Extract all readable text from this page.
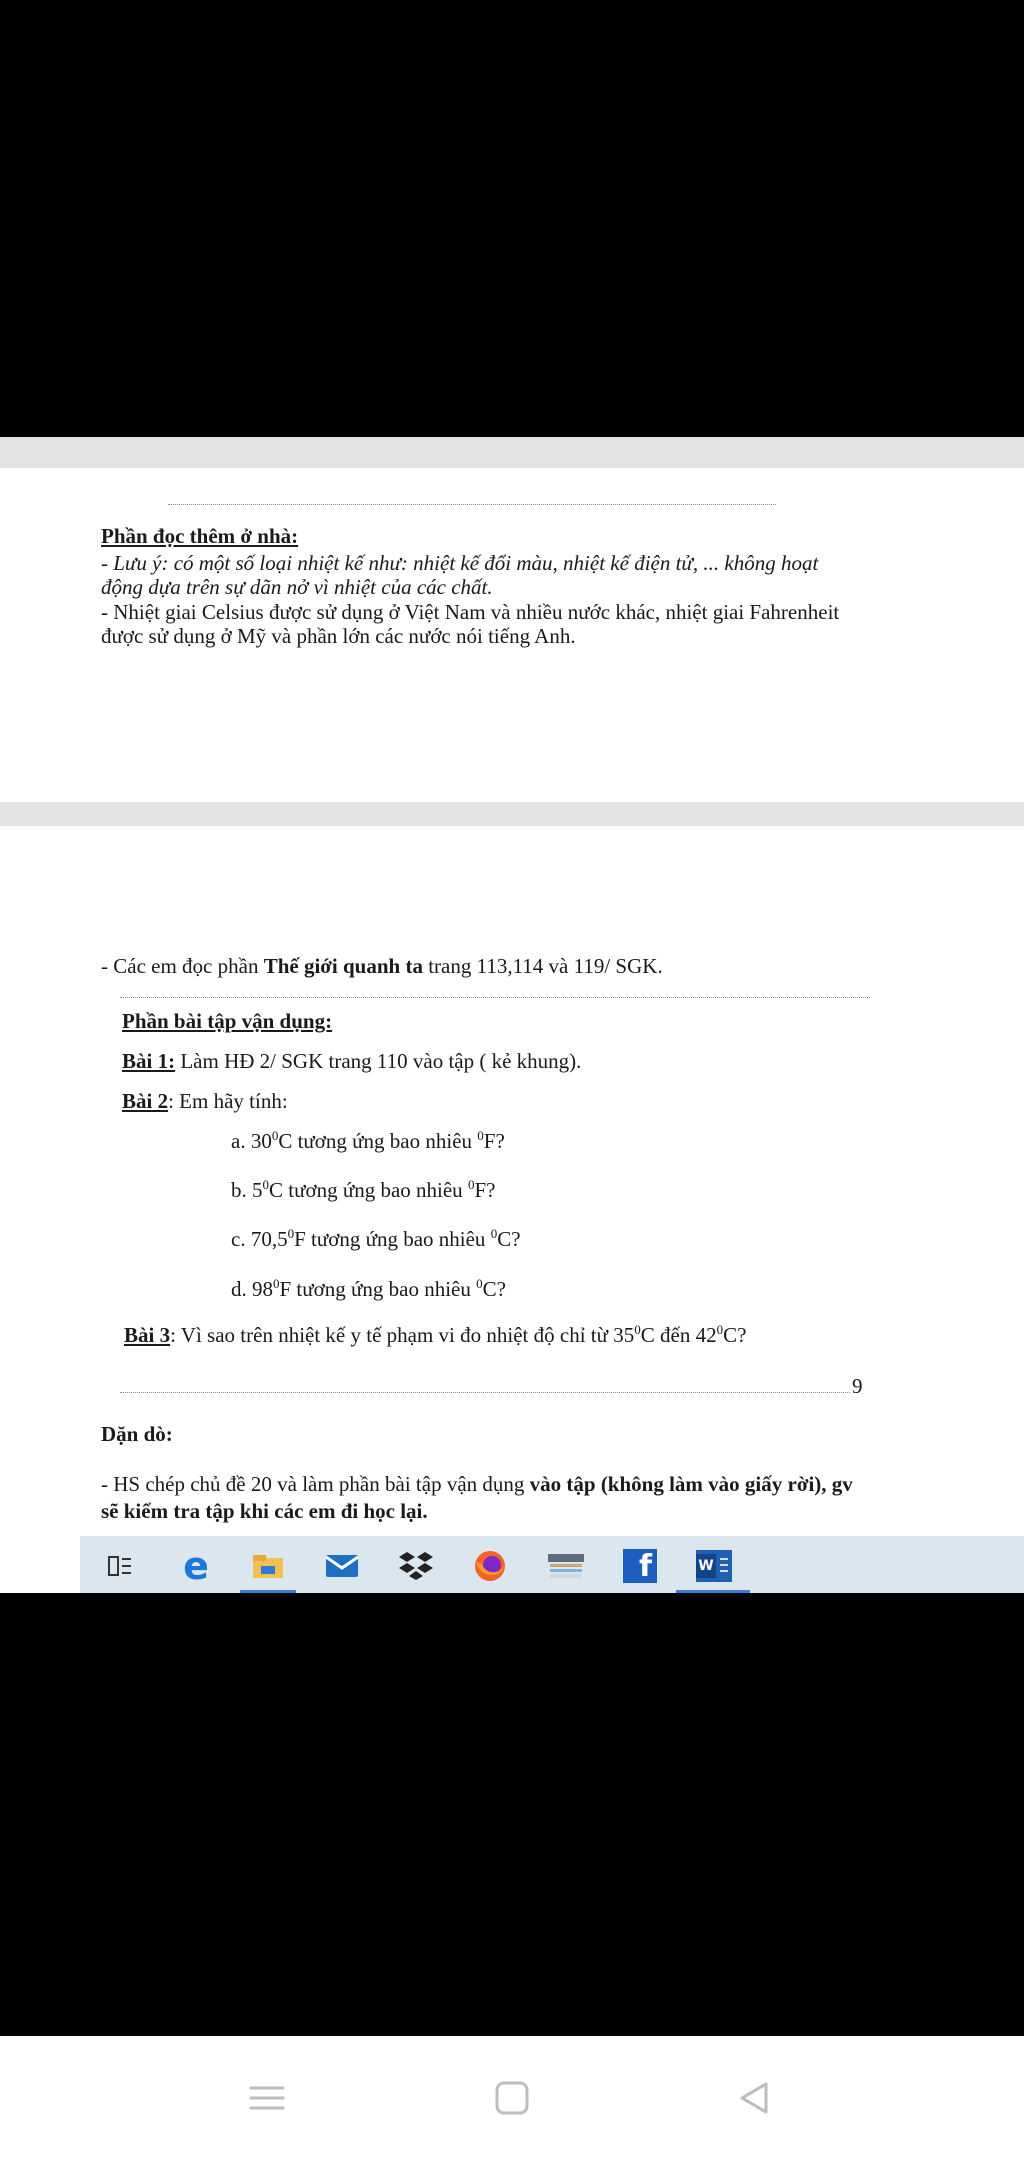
Phần đọc thêm ở nhà:
- Lưu ý: có một số loại nhiệt kế như: nhiệt kế đổi màu, nhiệt kế điện tử, ... không hoạt
động dựa trên sự dãn nở vì nhiệt của các chất.
- Nhiệt giai Celsius được sử dụng ở Việt Nam và nhiều nước khác, nhiệt giai Fahrenheit
được sử dụng ở Mỹ và phần lớn các nước nói tiếng Anh.
- Các em đọc phần Thế giới quanh ta trang 113,114 và 119/ SGK.
Phần bài tập vận dụng:
Bài 1: Làm HĐ 2/ SGK trang 110 vào tập ( kẻ khung).
Bài 2: Em hãy tính:
a. $30^0C$ tương ứng bao nhiêu $^0$F?
b. $5^0C$ tương ứng bao nhiêu $^0$F?
c. 70,5$^0$F tương ứng bao nhiêu $^0$C?
d. $98^0F$ tương ứng bao nhiêu $^0$C?
Bài 3: Vì sao trên nhiệt kế y tế phạm vi đo nhiệt độ chỉ từ $35^0C$ đến $42^0C$?
9
Dặn dò:
- HS chép chủ đề 20 và làm phần bài tập vận dụng vào tập (không làm vào giấy rời), gv
sẽ kiểm tra tập khi các em đi học lại.
e	f	W
